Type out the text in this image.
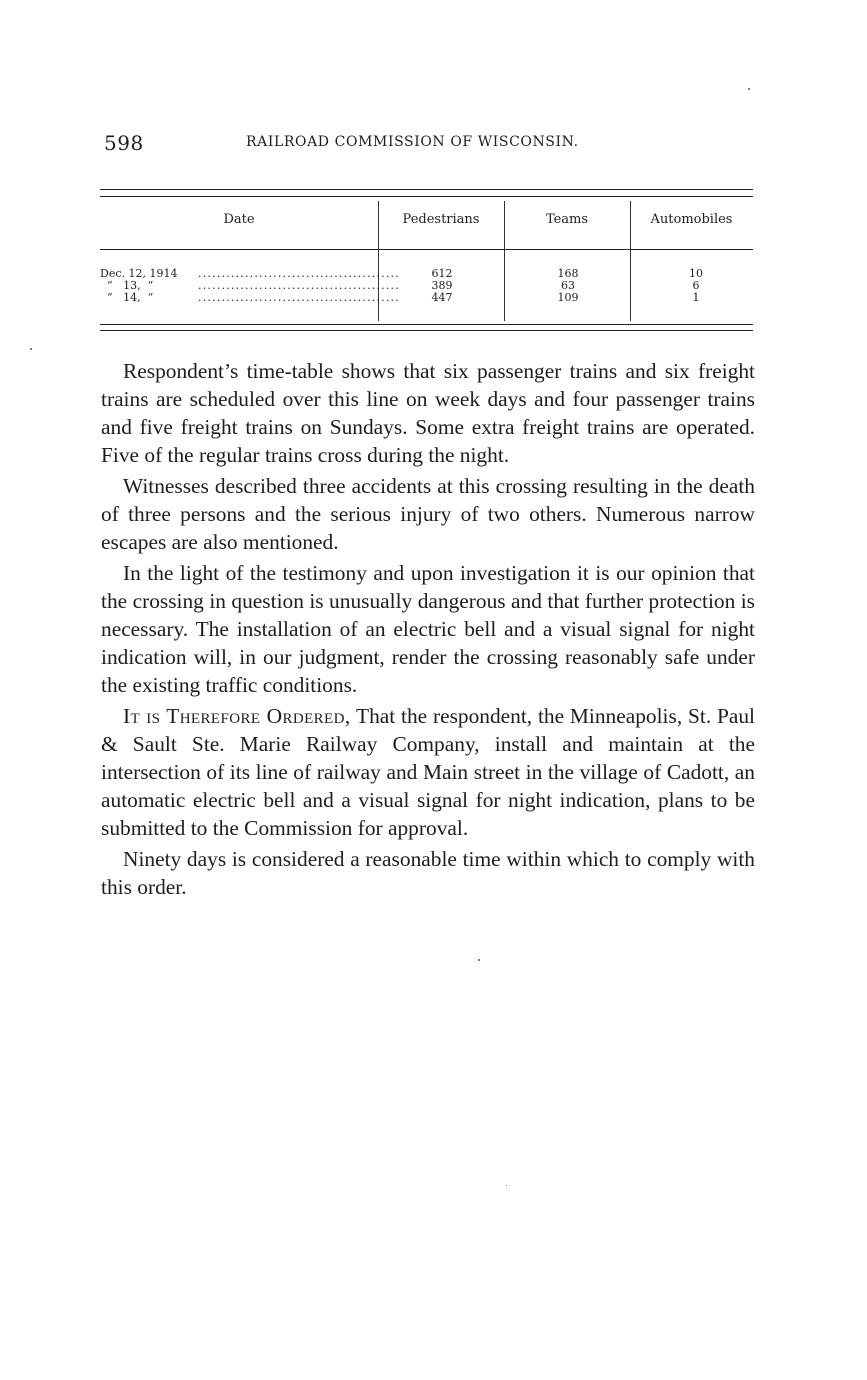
598	RAILROAD COMMISSION OF WISCONSIN.
Date	Pedestrians	Teams	Automobiles
Dec. 12, 1914 ...........................................	612	168	10
“   13,  “	...........................................	389	63	6
“   14,  “	...........................................	447	109	1

Respondent’s time-table shows that six passenger trains and six freight trains are scheduled over this line on week days and four passenger trains and five freight trains on Sundays. Some extra freight trains are operated. Five of the regular trains cross during the night.

Witnesses described three accidents at this crossing resulting in the death of three persons and the serious injury of two others. Numerous narrow escapes are also mentioned.

In the light of the testimony and upon investigation it is our opinion that the crossing in question is unusually dangerous and that further protection is necessary. The installation of an electric bell and a visual signal for night indication will, in our judgment, render the crossing reasonably safe under the existing traffic conditions.

It is Therefore Ordered, That the respondent, the Minneapolis, St. Paul & Sault Ste. Marie Railway Company, install and maintain at the intersection of its line of railway and Main street in the village of Cadott, an automatic electric bell and a visual signal for night indication, plans to be submitted to the Commission for approval.

Ninety days is considered a reasonable time within which to comply with this order.
